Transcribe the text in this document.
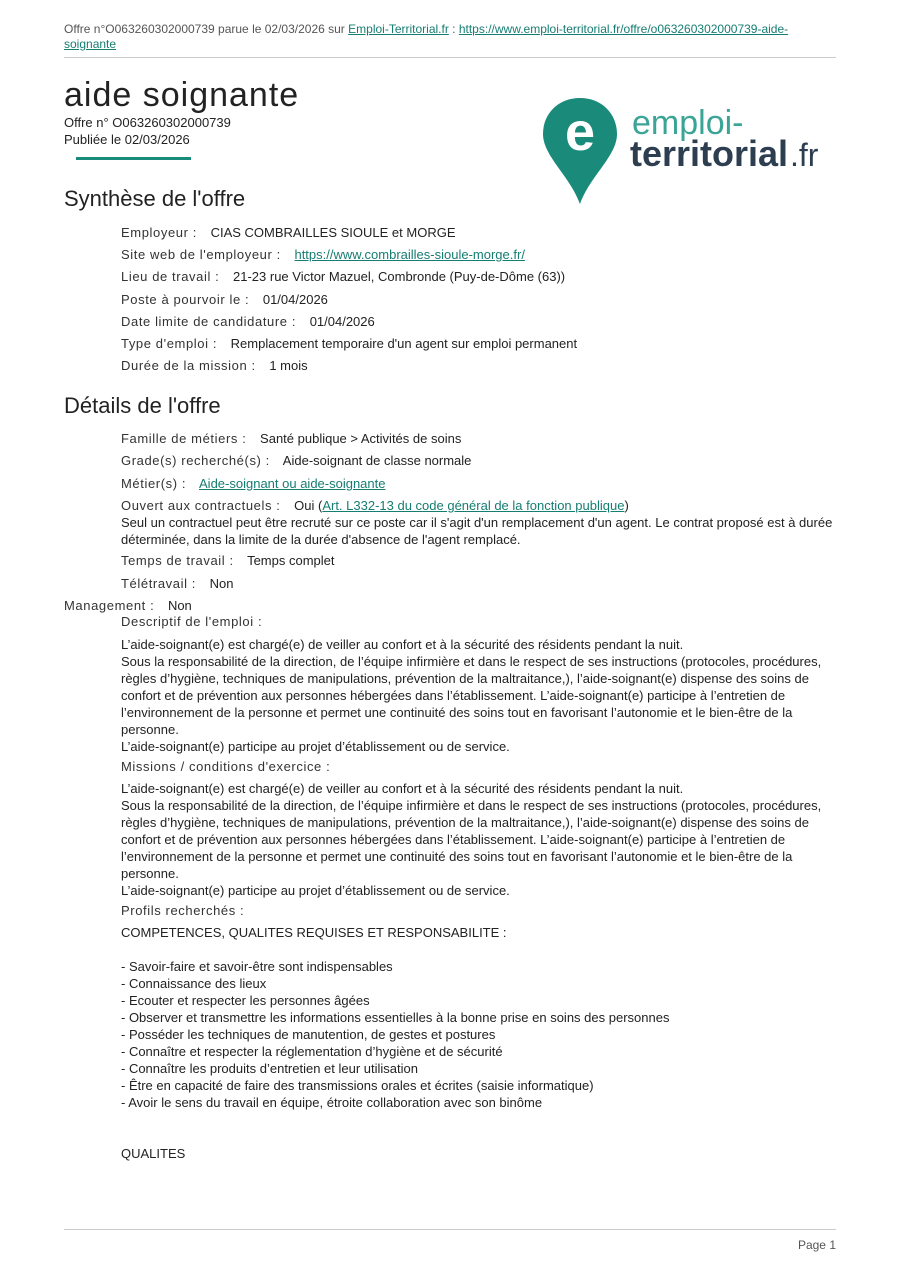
Offre n°O063260302000739 parue le 02/03/2026 sur Emploi-Territorial.fr : https://www.emploi-territorial.fr/offre/o063260302000739-aide-soignante
aide soignante
Offre n° O063260302000739
Publiée le 02/03/2026	e emploi-
territorial .fr
Synthèse de l'offre
Employeur : CIAS COMBRAILLES SIOULE et MORGE
Site web de l'employeur : https://www.combrailles-sioule-morge.fr/
Lieu de travail : 21-23 rue Victor Mazuel, Combronde (Puy-de-Dôme (63))
Poste à pourvoir le : 01/04/2026
Date limite de candidature : 01/04/2026
Type d'emploi : Remplacement temporaire d'un agent sur emploi permanent
Durée de la mission : 1 mois
Détails de l'offre
Famille de métiers : Santé publique > Activités de soins
Grade(s) recherché(s) : Aide-soignant de classe normale
Métier(s) : Aide-soignant ou aide-soignante
Ouvert aux contractuels : Oui (Art. L332-13 du code général de la fonction publique)
Seul un contractuel peut être recruté sur ce poste car il s'agit d'un remplacement d'un agent. Le contrat proposé est à durée déterminée, dans la limite de la durée d'absence de l'agent remplacé.
Temps de travail : Temps complet
Télétravail : Non
Management : Non
Descriptif de l'emploi :
L’aide-soignant(e) est chargé(e) de veiller au confort et à la sécurité des résidents pendant la nuit.
Sous la responsabilité de la direction, de l’équipe infirmière et dans le respect de ses instructions (protocoles, procédures, règles d’hygiène, techniques de manipulations, prévention de la maltraitance,), l’aide-soignant(e) dispense des soins de confort et de prévention aux personnes hébergées dans l’établissement. L’aide-soignant(e) participe à l’entretien de l’environnement de la personne et permet une continuité des soins tout en favorisant l’autonomie et le bien-être de la personne.
L’aide-soignant(e) participe au projet d’établissement ou de service.
Missions / conditions d'exercice :
L’aide-soignant(e) est chargé(e) de veiller au confort et à la sécurité des résidents pendant la nuit.
Sous la responsabilité de la direction, de l’équipe infirmière et dans le respect de ses instructions (protocoles, procédures, règles d’hygiène, techniques de manipulations, prévention de la maltraitance,), l’aide-soignant(e) dispense des soins de confort et de prévention aux personnes hébergées dans l’établissement. L’aide-soignant(e) participe à l’entretien de l’environnement de la personne et permet une continuité des soins tout en favorisant l’autonomie et le bien-être de la personne.
L’aide-soignant(e) participe au projet d’établissement ou de service.
Profils recherchés :
COMPETENCES, QUALITES REQUISES ET RESPONSABILITE :

- Savoir-faire et savoir-être sont indispensables
- Connaissance des lieux
- Ecouter et respecter les personnes âgées
- Observer et transmettre les informations essentielles à la bonne prise en soins des personnes
- Posséder les techniques de manutention, de gestes et postures
- Connaître et respecter la réglementation d’hygiène et de sécurité
- Connaître les produits d’entretien et leur utilisation
- Être en capacité de faire des transmissions orales et écrites (saisie informatique)
- Avoir le sens du travail en équipe, étroite collaboration avec son binôme

QUALITES
Page 1
